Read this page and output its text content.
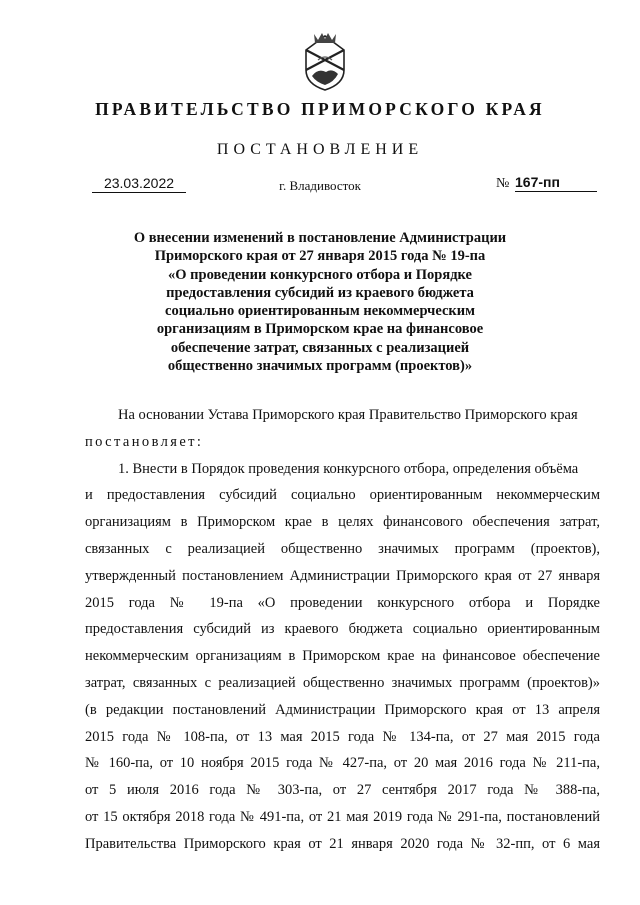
ПРАВИТЕЛЬСТВО ПРИМОРСКОГО КРАЯ
ПОСТАНОВЛЕНИЕ
23.03.2022	г. Владивосток	№ 167-пп
О внесении изменений в постановление Администрации
Приморского края от 27 января 2015 года № 19-па
«О проведении конкурсного отбора и Порядке
предоставления субсидий из краевого бюджета
социально ориентированным некоммерческим
организациям в Приморском крае на финансовое
обеспечение затрат, связанных с реализацией
общественно значимых программ (проектов)»
На основании Устава Приморского края Правительство Приморского края
постановляет:
1. Внести в Порядок проведения конкурсного отбора, определения объёма
и предоставления субсидий социально ориентированным некоммерческим
организациям в Приморском крае в целях финансового обеспечения затрат,
связанных с реализацией общественно значимых программ (проектов),
утвержденный постановлением Администрации Приморского края от 27 января
2015 года № 19-па «О проведении конкурсного отбора и Порядке
предоставления субсидий из краевого бюджета социально ориентированным
некоммерческим организациям в Приморском крае на финансовое обеспечение
затрат, связанных с реализацией общественно значимых программ (проектов)»
(в редакции постановлений Администрации Приморского края от 13 апреля
2015 года № 108-па, от 13 мая 2015 года № 134-па, от 27 мая 2015 года
№ 160-па, от 10 ноября 2015 года № 427-па, от 20 мая 2016 года № 211-па,
от 5 июля 2016 года № 303-па, от 27 сентября 2017 года № 388-па,
от 15 октября 2018 года № 491-па, от 21 мая 2019 года № 291-па, постановлений
Правительства Приморского края от 21 января 2020 года № 32-пп, от 6 мая
